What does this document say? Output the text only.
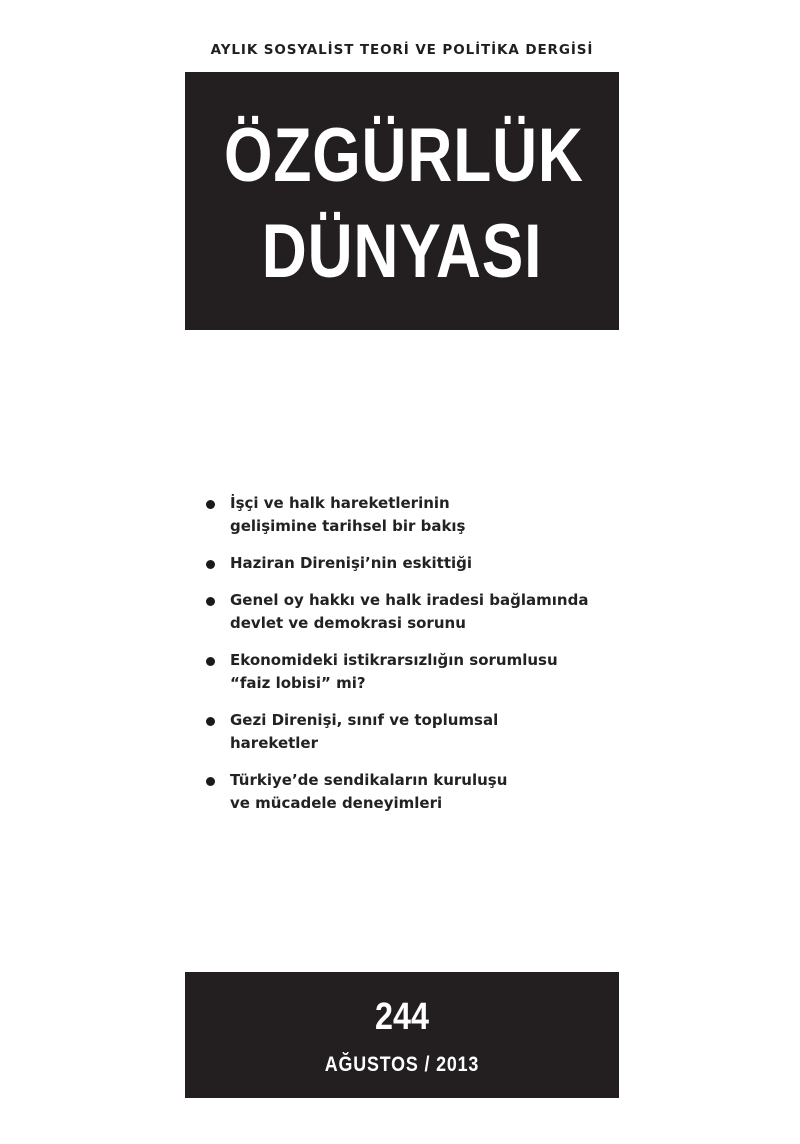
AYLIK SOSYALİST TEORİ VE POLİTİKA DERGİSİ
ÖZGÜRLÜK
DÜNYASI
İşçi ve halk hareketlerinin
gelişimine tarihsel bir bakış
Haziran Direnişi’nin eskittiği
Genel oy hakkı ve halk iradesi bağlamında
devlet ve demokrasi sorunu
Ekonomideki istikrarsızlığın sorumlusu
“faiz lobisi” mi?
Gezi Direnişi, sınıf ve toplumsal
hareketler
Türkiye’de sendikaların kuruluşu
ve mücadele deneyimleri
244
AĞUSTOS / 2013
